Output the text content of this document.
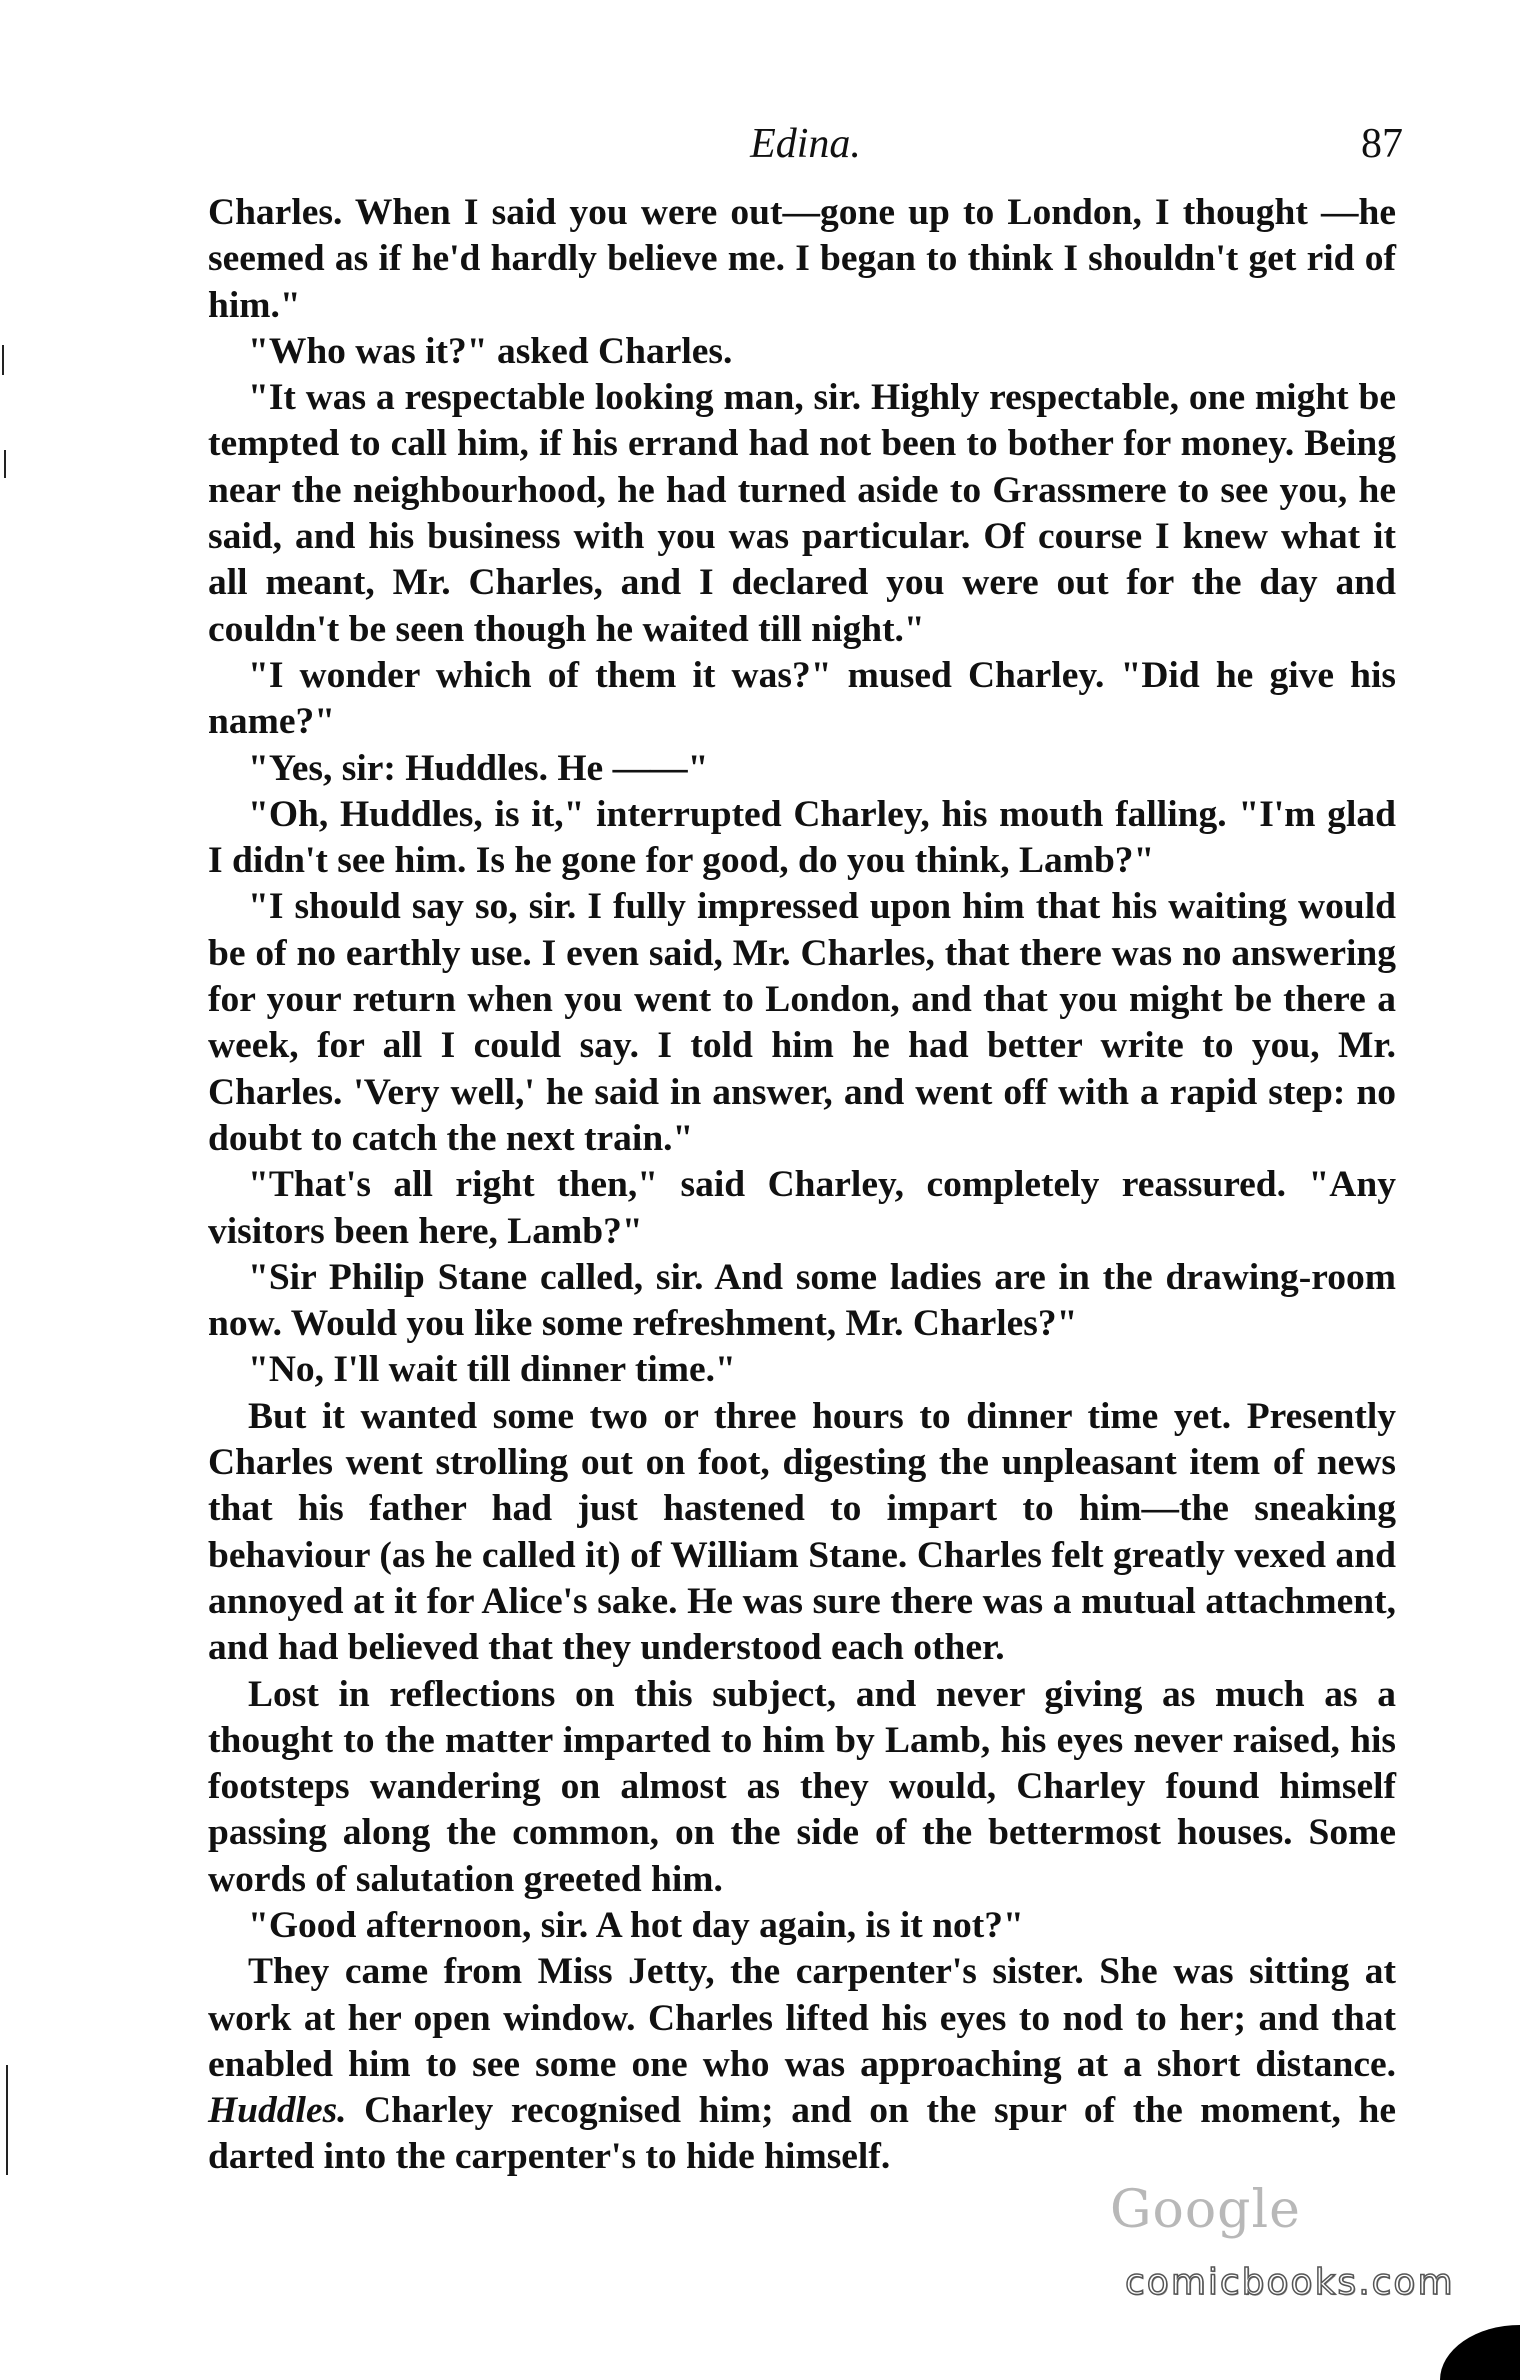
Edina.	87

Charles. When I said you were out—gone up to London, I thought —he seemed as if he'd hardly believe me. I began to think I shouldn't get rid of him."

"Who was it?" asked Charles.

"It was a respectable looking man, sir. Highly respectable, one might be tempted to call him, if his errand had not been to bother for money. Being near the neighbourhood, he had turned aside to Grassmere to see you, he said, and his business with you was particular. Of course I knew what it all meant, Mr. Charles, and I declared you were out for the day and couldn't be seen though he waited till night."

"I wonder which of them it was?" mused Charley. "Did he give his name?"

"Yes, sir: Huddles. He ——"

"Oh, Huddles, is it," interrupted Charley, his mouth falling. "I'm glad I didn't see him. Is he gone for good, do you think, Lamb?"

"I should say so, sir. I fully impressed upon him that his waiting would be of no earthly use. I even said, Mr. Charles, that there was no answering for your return when you went to London, and that you might be there a week, for all I could say. I told him he had better write to you, Mr. Charles. 'Very well,' he said in answer, and went off with a rapid step: no doubt to catch the next train."

"That's all right then," said Charley, completely reassured. "Any visitors been here, Lamb?"

"Sir Philip Stane called, sir. And some ladies are in the drawing-room now. Would you like some refreshment, Mr. Charles?"

"No, I'll wait till dinner time."

But it wanted some two or three hours to dinner time yet. Presently Charles went strolling out on foot, digesting the unpleasant item of news that his father had just hastened to impart to him—the sneaking behaviour (as he called it) of William Stane. Charles felt greatly vexed and annoyed at it for Alice's sake. He was sure there was a mutual attachment, and had believed that they understood each other.

Lost in reflections on this subject, and never giving as much as a thought to the matter imparted to him by Lamb, his eyes never raised, his footsteps wandering on almost as they would, Charley found himself passing along the common, on the side of the bettermost houses. Some words of salutation greeted him.

"Good afternoon, sir. A hot day again, is it not?"

They came from Miss Jetty, the carpenter's sister. She was sitting at work at her open window. Charles lifted his eyes to nod to her; and that enabled him to see some one who was approaching at a short distance. Huddles. Charley recognised him; and on the spur of the moment, he darted into the carpenter's to hide himself.

Google
comicbooks.com
